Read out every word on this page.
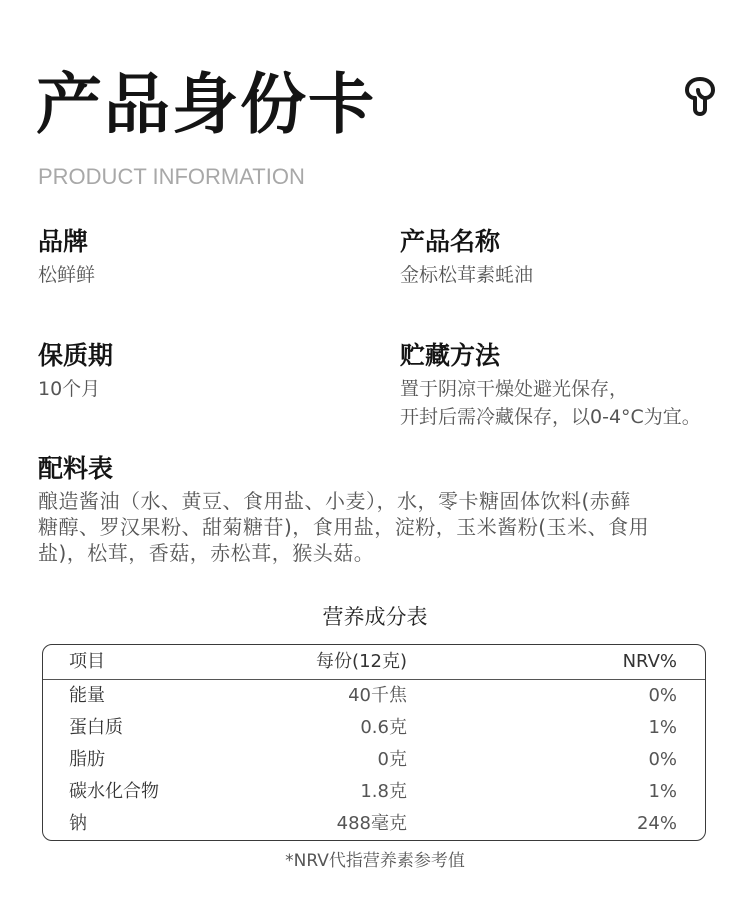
产品身份卡
PRODUCT INFORMATION
品牌
松鲜鲜
产品名称
金标松茸素蚝油
保质期
10个月
贮藏方法
置于阴凉干燥处避光保存，
开封后需冷藏保存，以0-4°C为宜。
配料表
酿造酱油（水、黄豆、食用盐、小麦），水，零卡糖固体饮料(赤藓
糖醇、罗汉果粉、甜菊糖苷)，食用盐，淀粉，玉米酱粉(玉米、食用
盐)，松茸，香菇，赤松茸，猴头菇。
营养成分表
项目	每份(12克)	NRV%
能量	40千焦	0%
蛋白质	0.6克	1%
脂肪	0克	0%
碳水化合物	1.8克	1%
钠	488毫克	24%
*NRV代指营养素参考值
